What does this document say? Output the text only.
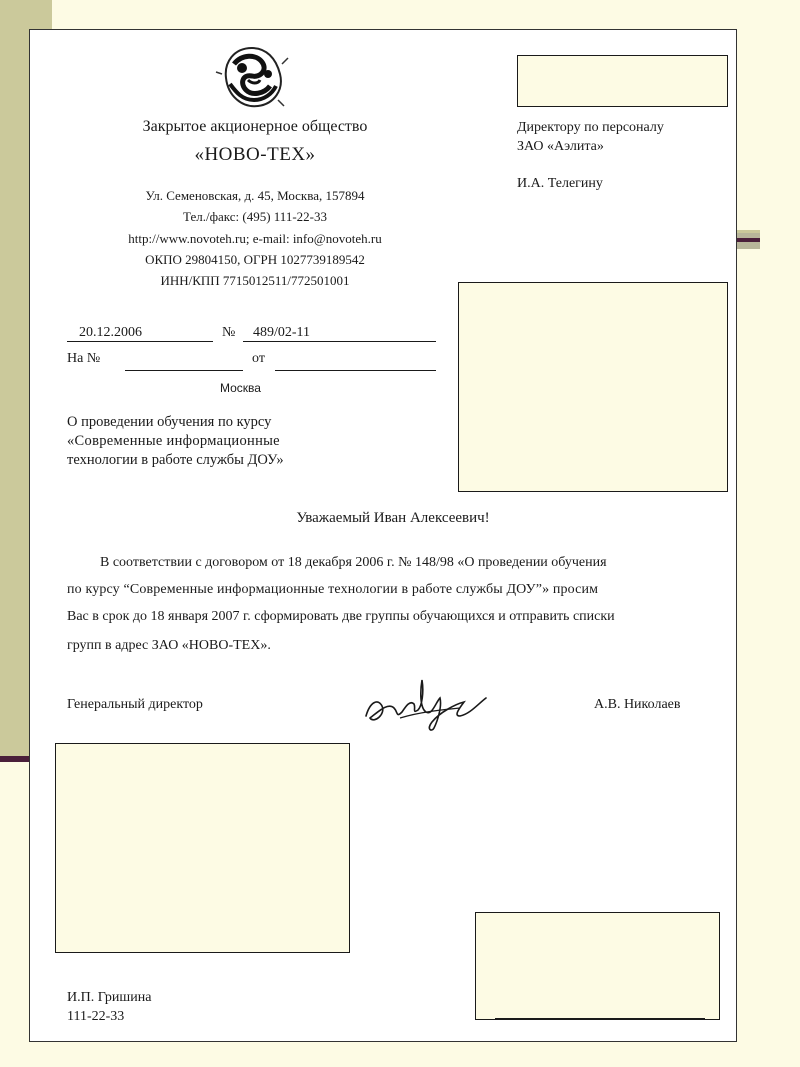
Закрытое акционерное общество
«НОВО-ТЕХ»
Ул. Семеновская, д. 45, Москва, 157894
Тел./факс: (495) 111-22-33
http://www.novoteh.ru; e-mail: info@novoteh.ru
ОКПО 29804150, ОГРН 1027739189542
ИНН/КПП 7715012511/772501001
Директору по персоналу
ЗАО «Аэлита»
И.А. Телегину
20.12.2006	№	489/02-11
На №	от
Москва
О проведении обучения по курсу
«Современные информационные
технологии в работе службы ДОУ»
Уважаемый Иван Алексеевич!
В соответствии с договором от 18 декабря 2006 г. № 148/98 «О проведении обучения
по курсу “Современные информационные технологии в работе службы ДОУ”» просим
Вас в срок до 18 января 2007 г. сформировать две группы обучающихся и отправить списки
групп в адрес ЗАО «НОВО-ТЕХ».
Генеральный директор	А.В. Николаев
И.П. Гришина
111-22-33
